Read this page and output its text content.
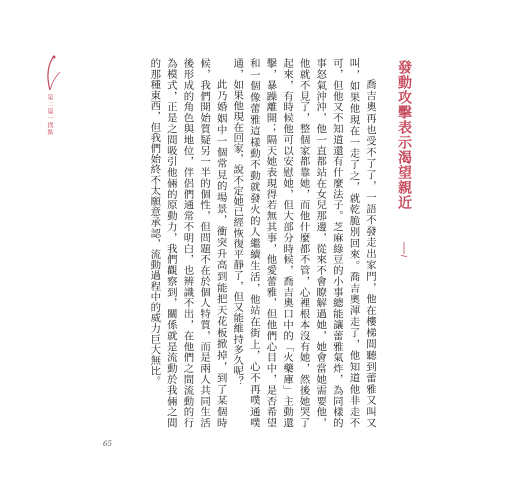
第二篇｜撲點	發動攻擊表示渴望親近

喬吉奧再也受不了了，一語不發走出家門，他在樓梯間聽到蕾雅又叫又叫，如果他現在一走了之，就乾脆別回來。喬吉奧渾走了，他知道他非走不可，但他又不知道還有什麼法子。芝麻綠豆的小事總能讓蕾雅氣炸，為同樣的事怒氣沖沖，他一直都站在女兒那邊，從來不會瞭解過她，她會當她需要他，他就不見了，整個家都靠她，而他什麼都不管，心裡根本沒有她，然後她哭了起來，有時候他可以安慰她，但大部分時候，喬吉奧口中的「火藥庫」主動還擊，暴躁離開；隔天她表現得若無其事，他愛蕾雅，但他們心目中，是否希望和一個像蕾雅這樣動不動就發火的人繼續生活，他站在街上，心不再噗通噗通，如果他現在回家，說不定她已經恢復平靜了，但又能維持多久呢？

此乃婚姻中一個常見的場景，衝突升高到能把天花板掀掉，到了某個時候，我們開始質疑另一半的個性，但問題不在於個人特質，而是兩人共同生活後形成的角色與地位，伴侶們通常不明白，也辨識不出，在他們之間流動的行為模式，正是之間吸引他倆的原動力，我們觀察到，關係就是流動於我倆之間的那種東西，但我們始終不太願意承認，流動過程中的威力巨大無比。

65
